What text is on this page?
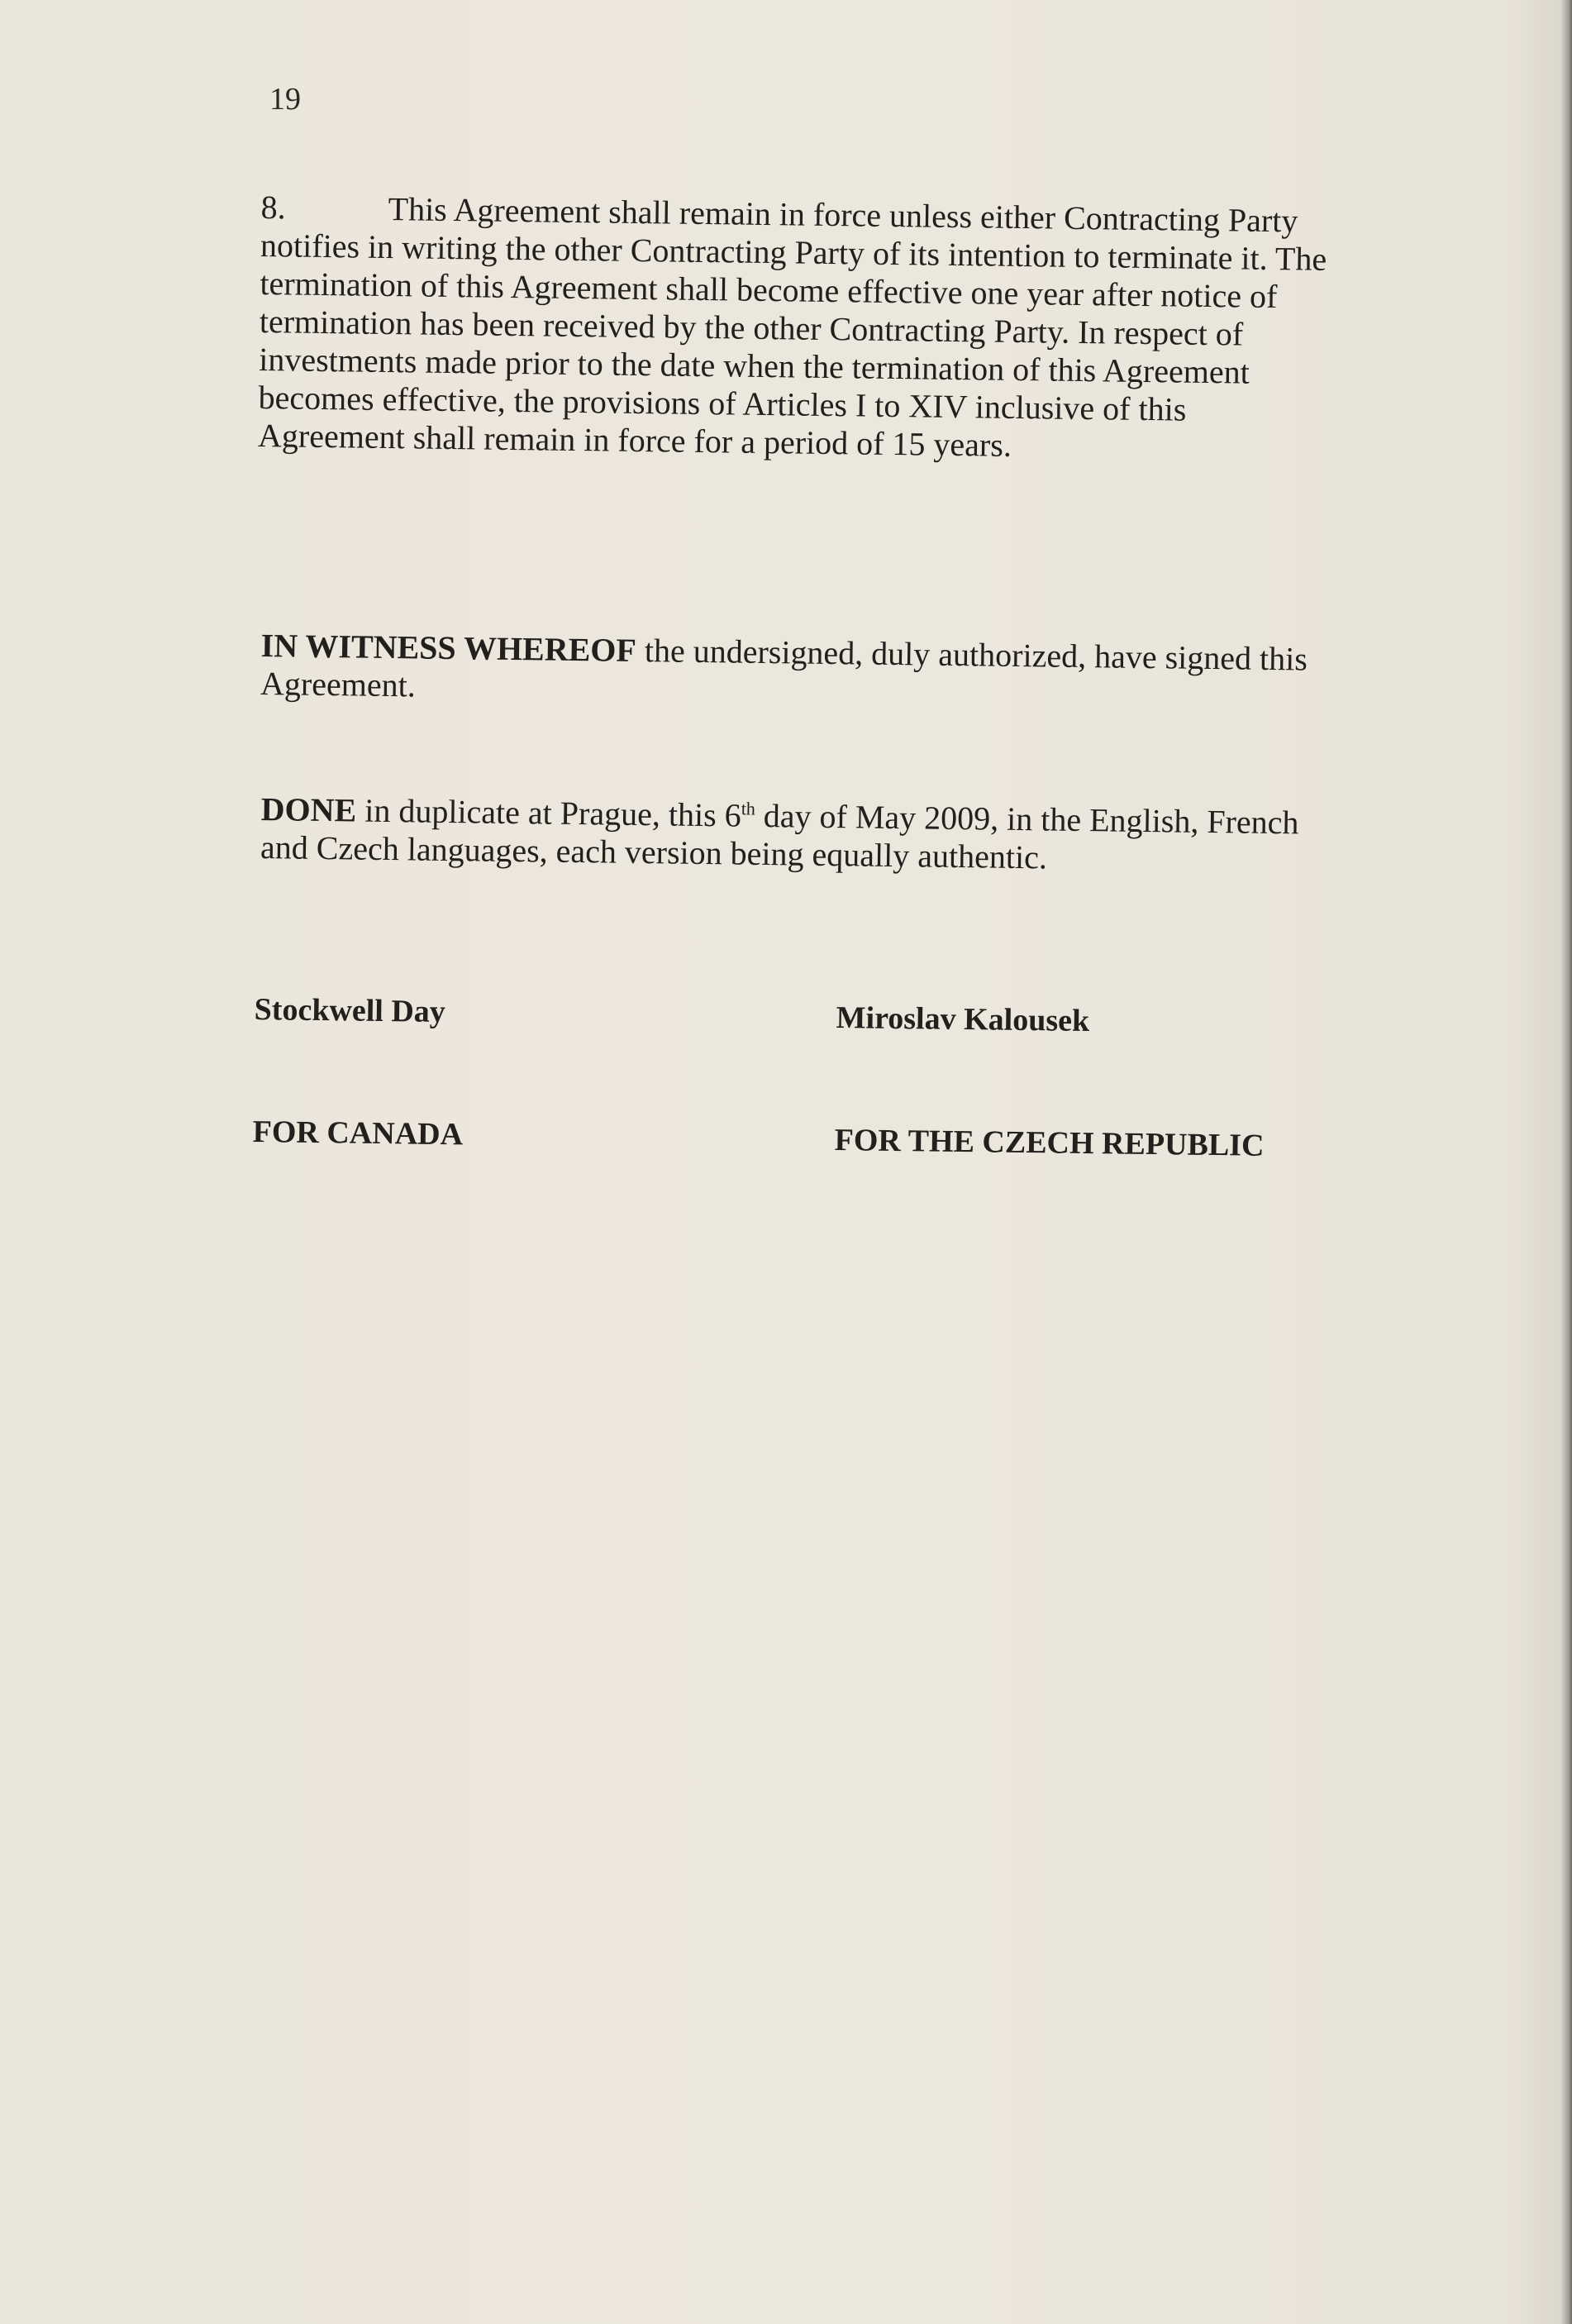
19
8.	This Agreement shall remain in force unless either Contracting Party
notifies in writing the other Contracting Party of its intention to terminate it. The
termination of this Agreement shall become effective one year after notice of
termination has been received by the other Contracting Party. In respect of
investments made prior to the date when the termination of this Agreement
becomes effective, the provisions of Articles I to XIV inclusive of this
Agreement shall remain in force for a period of 15 years.
IN WITNESS WHEREOF the undersigned, duly authorized, have signed this
Agreement.
DONE in duplicate at Prague, this 6th day of May 2009, in the English, French
and Czech languages, each version being equally authentic.
Stockwell Day	Miroslav Kalousek
FOR CANADA	FOR THE CZECH REPUBLIC
